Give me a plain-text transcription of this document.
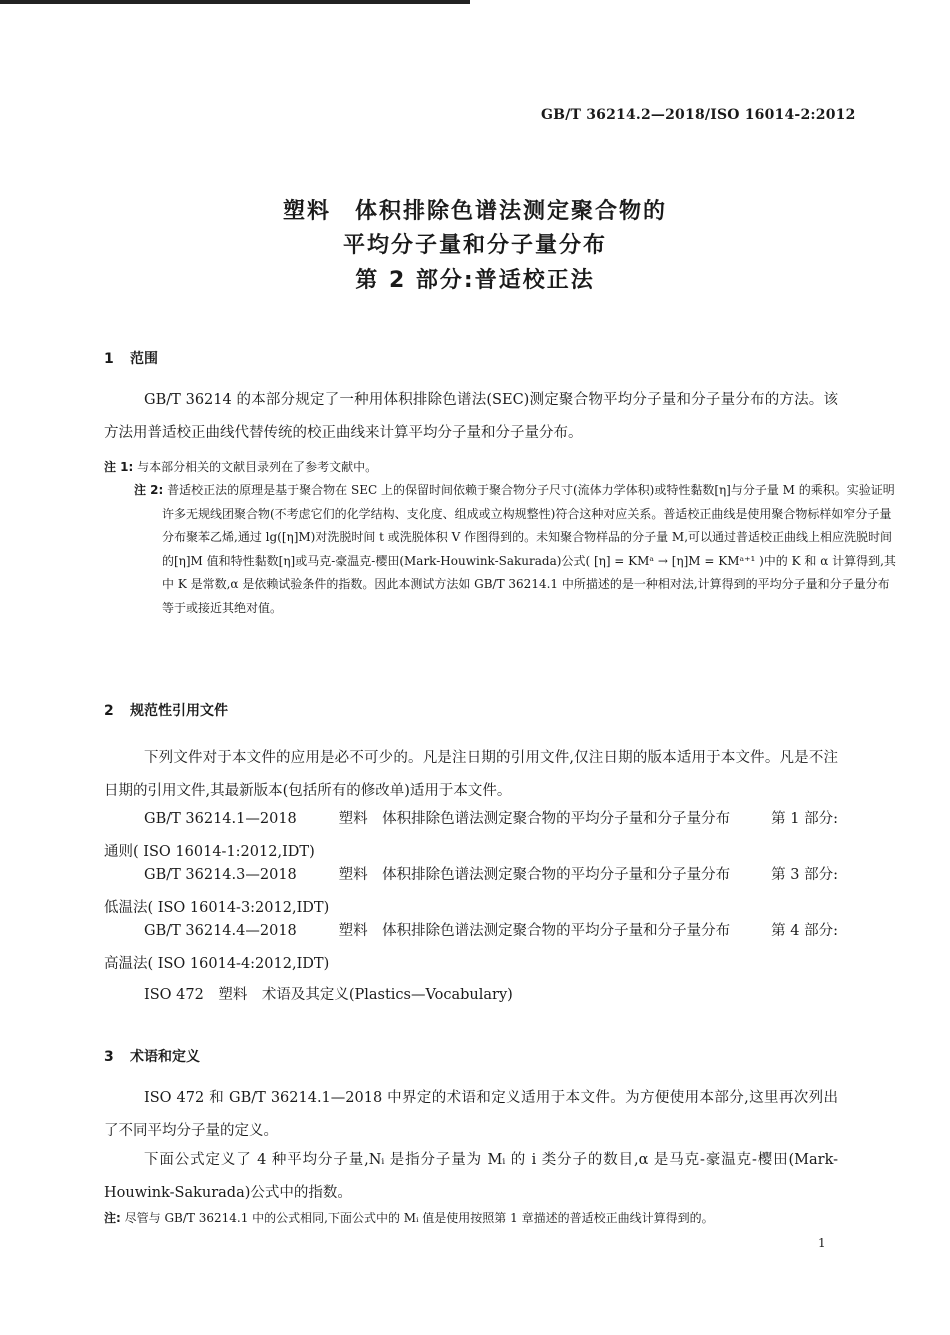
GB/T 36214.2—2018/ISO 16014-2:2012
塑料　体积排除色谱法测定聚合物的
平均分子量和分子量分布
第 2 部分:普适校正法
1 范围
GB/T 36214 的本部分规定了一种用体积排除色谱法(SEC)测定聚合物平均分子量和分子量分布的方法。该方法用普适校正曲线代替传统的校正曲线来计算平均分子量和分子量分布。
注 1: 与本部分相关的文献目录列在了参考文献中。
注 2: 普适校正法的原理是基于聚合物在 SEC 上的保留时间依赖于聚合物分子尺寸(流体力学体积)或特性黏数[η]与分子量 M 的乘积。实验证明许多无规线团聚合物(不考虑它们的化学结构、支化度、组成或立构规整性)符合这种对应关系。普适校正曲线是使用聚合物标样如窄分子量分布聚苯乙烯,通过 lg([η]M)对洗脱时间 t 或洗脱体积 V 作图得到的。未知聚合物样品的分子量 M,可以通过普适校正曲线上相应洗脱时间的[η]M 值和特性黏数[η]或马克-豪温克-樱田(Mark-Houwink-Sakurada)公式( [η] = KMᵃ → [η]M = KMᵃ⁺¹ )中的 K 和 α 计算得到,其中 K 是常数,α 是依赖试验条件的指数。因此本测试方法如 GB/T 36214.1 中所描述的是一种相对法,计算得到的平均分子量和分子量分布等于或接近其绝对值。
2 规范性引用文件
下列文件对于本文件的应用是必不可少的。凡是注日期的引用文件,仅注日期的版本适用于本文件。凡是不注日期的引用文件,其最新版本(包括所有的修改单)适用于本文件。
GB/T 36214.1—2018	塑料　体积排除色谱法测定聚合物的平均分子量和分子量分布	第 1 部分:
通则( ISO 16014-1:2012,IDT)
GB/T 36214.3—2018	塑料　体积排除色谱法测定聚合物的平均分子量和分子量分布	第 3 部分:
低温法( ISO 16014-3:2012,IDT)
GB/T 36214.4—2018	塑料　体积排除色谱法测定聚合物的平均分子量和分子量分布	第 4 部分:
高温法( ISO 16014-4:2012,IDT)
ISO 472　塑料　术语及其定义(Plastics—Vocabulary)
3 术语和定义
ISO 472 和 GB/T 36214.1—2018 中界定的术语和定义适用于本文件。为方便使用本部分,这里再次列出了不同平均分子量的定义。
下面公式定义了 4 种平均分子量,Nᵢ 是指分子量为 Mᵢ 的 i 类分子的数目,α 是马克-豪温克-樱田(Mark-Houwink-Sakurada)公式中的指数。
注: 尽管与 GB/T 36214.1 中的公式相同,下面公式中的 Mᵢ 值是使用按照第 1 章描述的普适校正曲线计算得到的。
1
